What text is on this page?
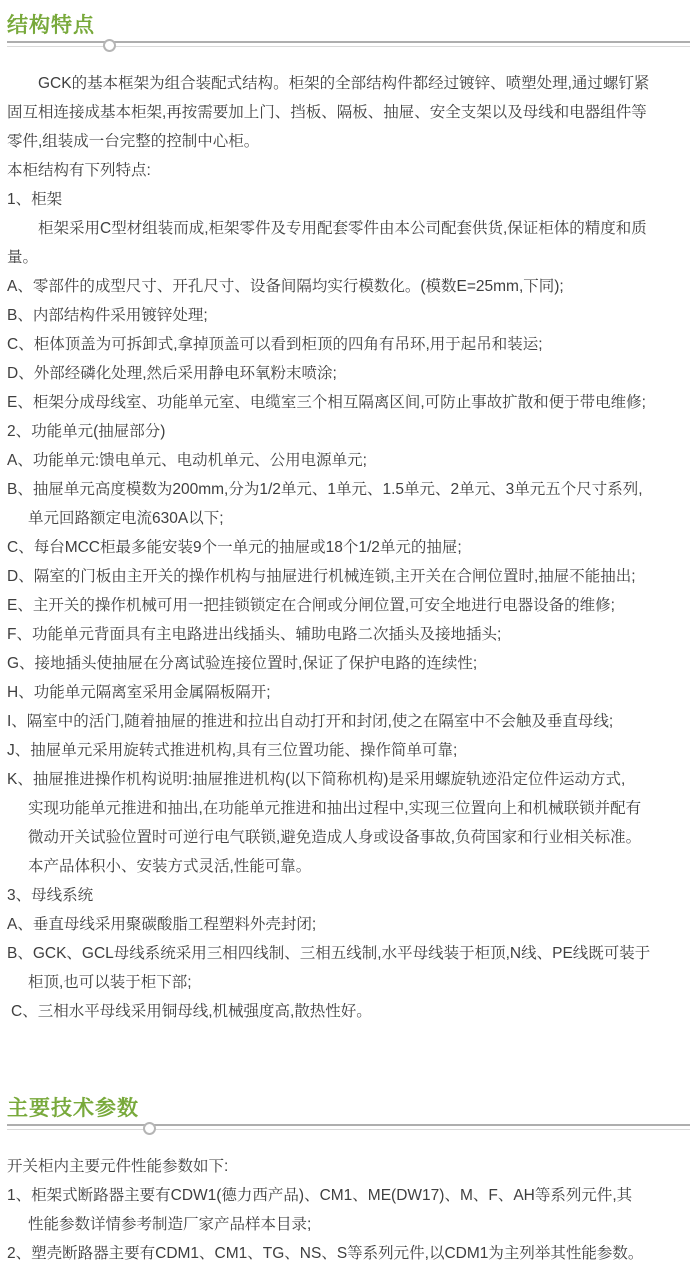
结构特点
GCK的基本框架为组合装配式结构。柜架的全部结构件都经过镀锌、喷塑处理,通过螺钉紧
固互相连接成基本柜架,再按需要加上门、挡板、隔板、抽屉、安全支架以及母线和电器组件等
零件,组装成一台完整的控制中心柜。
本柜结构有下列特点:
1、柜架
柜架采用C型材组装而成,柜架零件及专用配套零件由本公司配套供货,保证柜体的精度和质
量。
A、零部件的成型尺寸、开孔尺寸、设备间隔均实行模数化。(模数E=25mm,下同);
B、内部结构件采用镀锌处理;
C、柜体顶盖为可拆卸式,拿掉顶盖可以看到柜顶的四角有吊环,用于起吊和装运;
D、外部经磷化处理,然后采用静电环氧粉末喷涂;
E、柜架分成母线室、功能单元室、电缆室三个相互隔离区间,可防止事故扩散和便于带电维修;
2、功能单元(抽屉部分)
A、功能单元:馈电单元、电动机单元、公用电源单元;
B、抽屉单元高度模数为200mm,分为1/2单元、1单元、1.5单元、2单元、3单元五个尺寸系列,
单元回路额定电流630A以下;
C、每台MCC柜最多能安装9个一单元的抽屉或18个1/2单元的抽屉;
D、隔室的门板由主开关的操作机构与抽屉进行机械连锁,主开关在合闸位置时,抽屉不能抽出;
E、主开关的操作机械可用一把挂锁锁定在合闸或分闸位置,可安全地进行电器设备的维修;
F、功能单元背面具有主电路进出线插头、辅助电路二次插头及接地插头;
G、接地插头使抽屉在分离试验连接位置时,保证了保护电路的连续性;
H、功能单元隔离室采用金属隔板隔开;
I、隔室中的活门,随着抽屉的推进和拉出自动打开和封闭,使之在隔室中不会触及垂直母线;
J、抽屉单元采用旋转式推进机构,具有三位置功能、操作简单可靠;
K、抽屉推进操作机构说明:抽屉推进机构(以下简称机构)是采用螺旋轨迹沿定位件运动方式,
实现功能单元推进和抽出,在功能单元推进和抽出过程中,实现三位置向上和机械联锁并配有
微动开关试验位置时可逆行电气联锁,避免造成人身或设备事故,负荷国家和行业相关标准。
本产品体积小、安装方式灵活,性能可靠。
3、母线系统
A、垂直母线采用聚碳酸脂工程塑料外壳封闭;
B、GCK、GCL母线系统采用三相四线制、三相五线制,水平母线装于柜顶,N线、PE线既可装于
柜顶,也可以装于柜下部;
C、三相水平母线采用铜母线,机械强度高,散热性好。
主要技术参数
开关柜内主要元件性能参数如下:
1、柜架式断路器主要有CDW1(德力西产品)、CM1、ME(DW17)、M、F、AH等系列元件,其
性能参数详情参考制造厂家产品样本目录;
2、塑壳断路器主要有CDM1、CM1、TG、NS、S等系列元件,以CDM1为主列举其性能参数。
